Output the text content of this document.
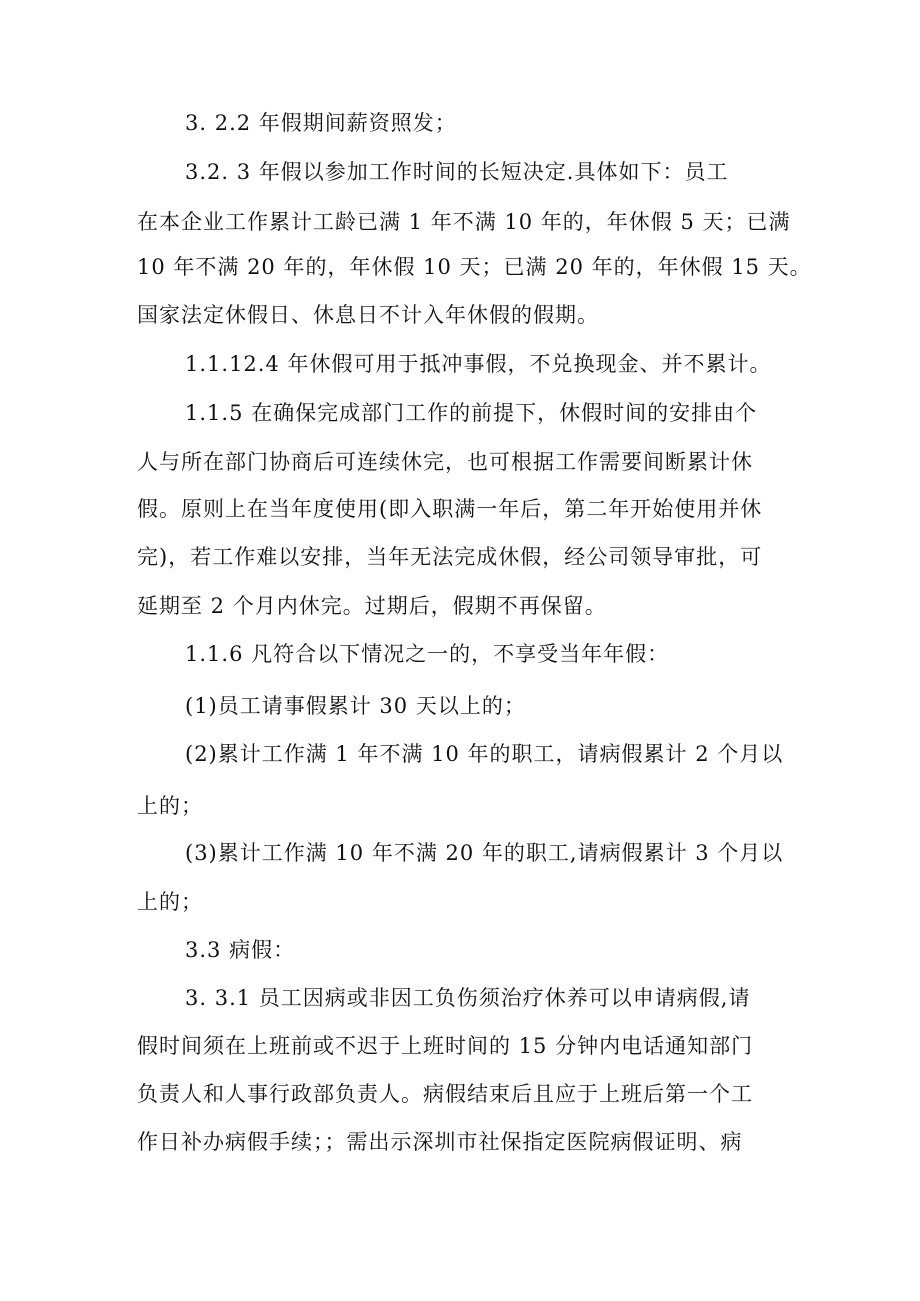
3. 2.2 年假期间薪资照发；
3.2. 3 年假以参加工作时间的长短决定.具体如下：员工
在本企业工作累计工龄已满 1 年不满 10 年的，年休假 5 天；已满
10 年不满 20 年的，年休假 10 天；已满 20 年的，年休假 15 天。
国家法定休假日、休息日不计入年休假的假期。
1.1.12.4 年休假可用于抵冲事假，不兑换现金、并不累计。
1.1.5 在确保完成部门工作的前提下，休假时间的安排由个
人与所在部门协商后可连续休完，也可根据工作需要间断累计休
假。原则上在当年度使用(即入职满一年后，第二年开始使用并休
完)，若工作难以安排，当年无法完成休假，经公司领导审批，可
延期至 2 个月内休完。过期后，假期不再保留。
1.1.6 凡符合以下情况之一的，不享受当年年假：
(1)员工请事假累计 30 天以上的；
(2)累计工作满 1 年不满 10 年的职工，请病假累计 2 个月以
上的；
(3)累计工作满 10 年不满 20 年的职工,请病假累计 3 个月以
上的；
3.3 病假：
3. 3.1 员工因病或非因工负伤须治疗休养可以申请病假,请
假时间须在上班前或不迟于上班时间的 15 分钟内电话通知部门
负责人和人事行政部负责人。病假结束后且应于上班后第一个工
作日补办病假手续；；需出示深圳市社保指定医院病假证明、病
